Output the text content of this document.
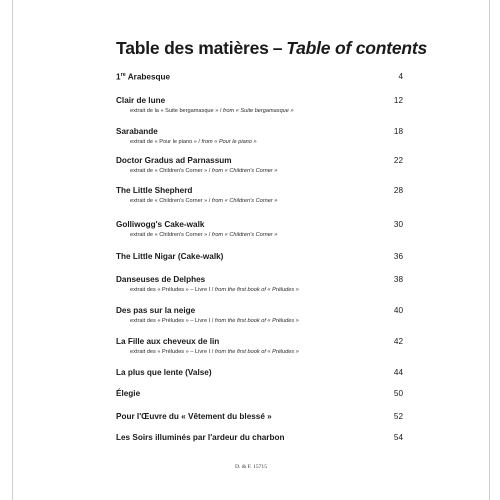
Table des matières – Table of contents
1re Arabesque	4
Clair de lune	12
extrait de la « Suite bergamasque » / from « Suite bergamasque »
Sarabande	18
extrait de « Pour le piano » / from « Pour le piano »
Doctor Gradus ad Parnassum	22
extrait de « Children's Corner » / from « Children's Corner »
The Little Shepherd	28
extrait de « Children's Corner » / from « Children's Corner »
Golliwogg's Cake-walk	30
extrait de « Children's Corner » / from « Children's Corner »
The Little Nigar (Cake-walk)	36
Danseuses de Delphes	38
extrait des « Préludes » – Livre I / from the first book of « Préludes »
Des pas sur la neige	40
extrait des « Préludes » – Livre I / from the first book of « Préludes »
La Fille aux cheveux de lin	42
extrait des « Préludes » – Livre I / from the first book of « Préludes »
La plus que lente (Valse)	44
Élegie	50
Pour l'Œuvre du « Vêtement du blessé »	52
Les Soirs illuminés par l'ardeur du charbon	54
D. & F. 15715
